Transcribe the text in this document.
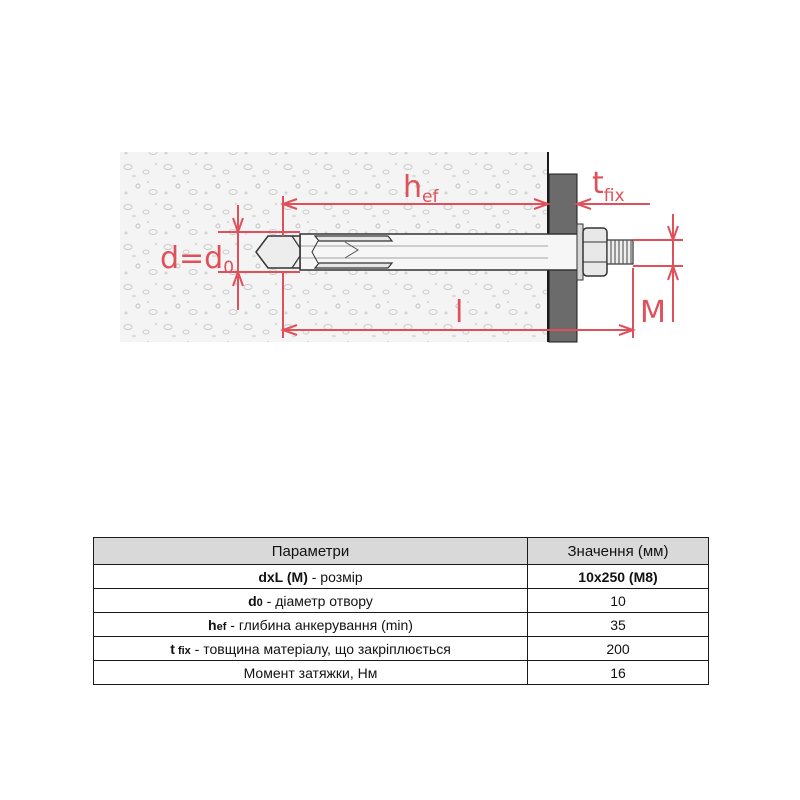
d=d0
hef	$t_{fix}$
l	M
Параметри	Значення (мм)
dxL (M) - розмір	10x250 (M8)
d0 - діаметр отвору	10
hef - глибина анкерування (min)	35
t fix - товщина матеріалу, що закріплюється	200
Момент затяжки, Нм	16
